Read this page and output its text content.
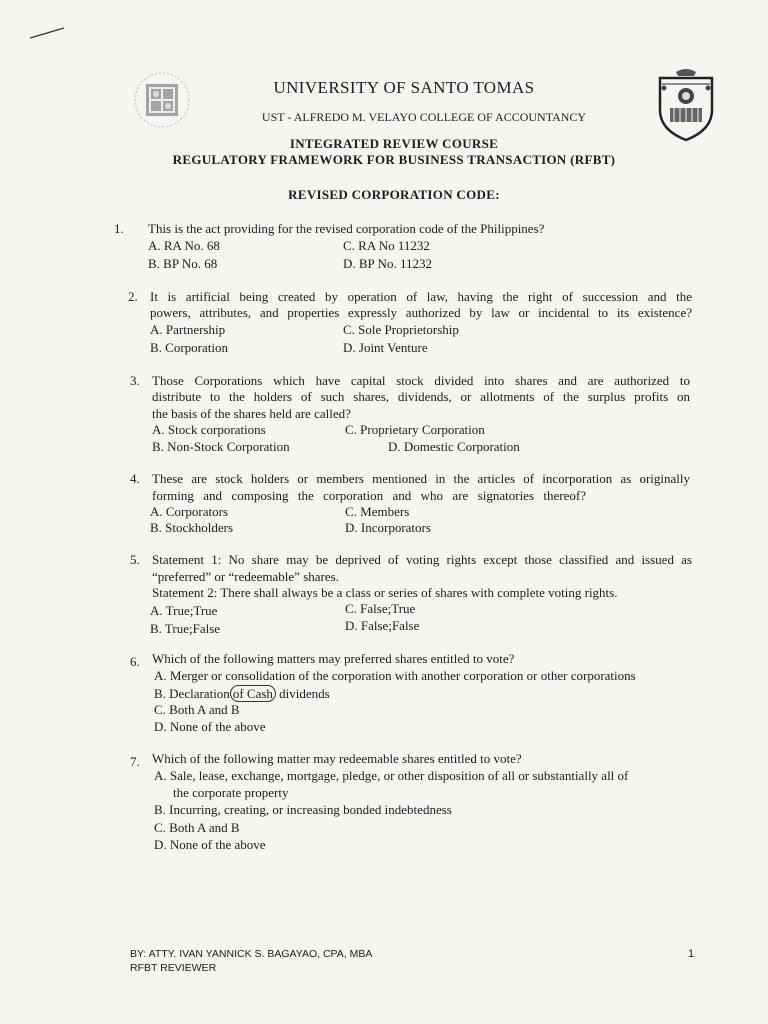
UNIVERSITY OF SANTO TOMAS
UST - ALFREDO M. VELAYO COLLEGE OF ACCOUNTANCY
INTEGRATED REVIEW COURSE
REGULATORY FRAMEWORK FOR BUSINESS TRANSACTION (RFBT)
REVISED CORPORATION CODE:
1. This is the act providing for the revised corporation code of the Philippines?
A. RA No. 68	C. RA No 11232
B. BP No. 68	D. BP No. 11232
2. It is artificial being created by operation of law, having the right of succession and the
powers, attributes, and properties expressly authorized by law or incidental to its existence?
A. Partnership	C. Sole Proprietorship
B. Corporation	D. Joint Venture
3. Those Corporations which have capital stock divided into shares and are authorized to
distribute to the holders of such shares, dividends, or allotments of the surplus profits on
the basis of the shares held are called?
A. Stock corporations	C. Proprietary Corporation
B. Non-Stock Corporation	D. Domestic Corporation
4. These are stock holders or members mentioned in the articles of incorporation as originally
forming and composing the corporation and who are signatories thereof?
A. Corporators	C. Members
B. Stockholders	D. Incorporators
5. Statement 1: No share may be deprived of voting rights except those classified and issued as
“preferred” or “redeemable” shares.
Statement 2: There shall always be a class or series of shares with complete voting rights.
A. True;True	C. False;True
B. True;False	D. False;False
6. Which of the following matters may preferred shares entitled to vote?
A. Merger or consolidation of the corporation with another corporation or other corporations
B. Declaration of Cash dividends
C. Both A and B
D. None of the above
7. Which of the following matter may redeemable shares entitled to vote?
A. Sale, lease, exchange, mortgage, pledge, or other disposition of all or substantially all of
the corporate property
B. Incurring, creating, or increasing bonded indebtedness
C. Both A and B
D. None of the above
BY: ATTY. IVAN YANNICK S. BAGAYAO, CPA, MBA
RFBT REVIEWER
1
